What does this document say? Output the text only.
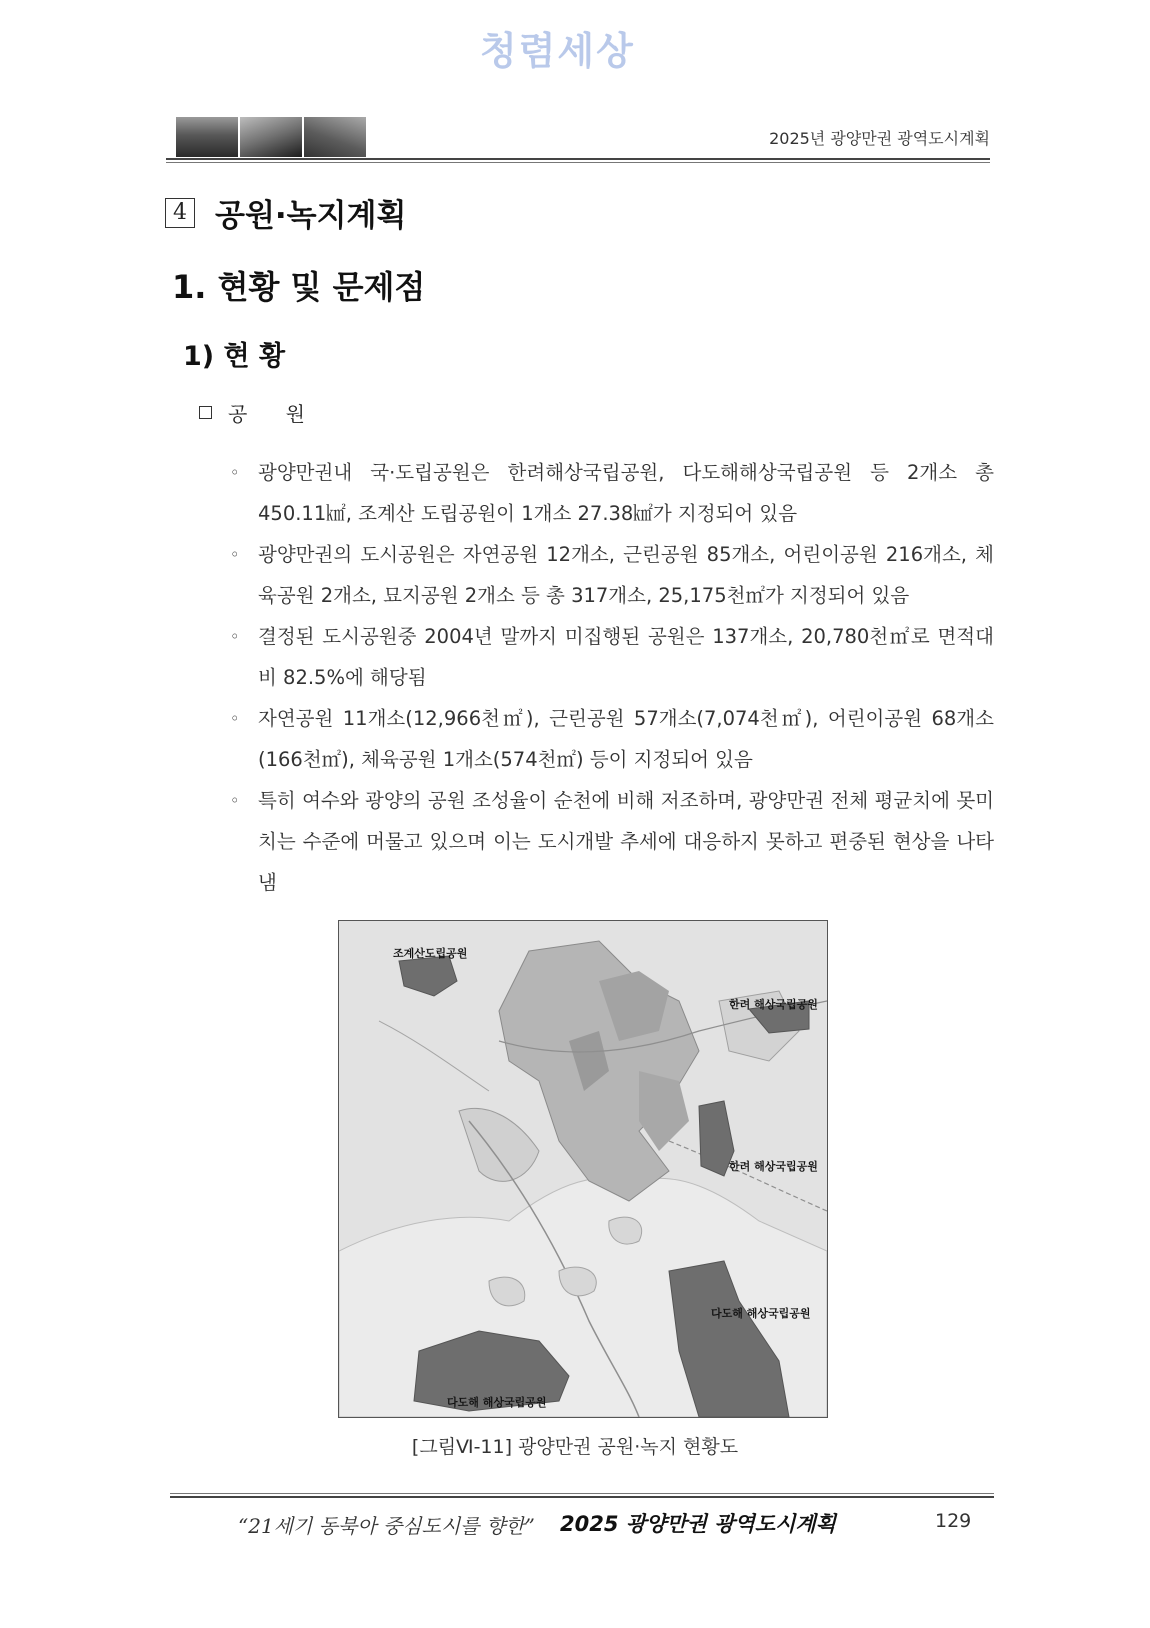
청렴세상
2025년 광양만권 광역도시계획
4 공원·녹지계획
1. 현황 및 문제점
1) 현 황
공 원
◦ 광양만권내 국·도립공원은 한려해상국립공원, 다도해해상국립공원 등 2개소 총 450.11㎢, 조계산 도립공원이 1개소 27.38㎢가 지정되어 있음
◦ 광양만권의 도시공원은 자연공원 12개소, 근린공원 85개소, 어린이공원 216개소, 체육공원 2개소, 묘지공원 2개소 등 총 317개소, 25,175천㎡가 지정되어 있음
◦ 결정된 도시공원중 2004년 말까지 미집행된 공원은 137개소, 20,780천㎡로 면적대비 82.5%에 해당됨
◦ 자연공원 11개소(12,966천㎡), 근린공원 57개소(7,074천㎡), 어린이공원 68개소(166천㎡), 체육공원 1개소(574천㎡) 등이 지정되어 있음
◦ 특히 여수와 광양의 공원 조성율이 순천에 비해 저조하며, 광양만권 전체 평균치에 못미치는 수준에 머물고 있으며 이는 도시개발 추세에 대응하지 못하고 편중된 현상을 나타냄
조계산도립공원
한려 해상국립공원
한려 해상국립공원
다도해 해상국립공원
다도해 해상국립공원
[그림Ⅵ-11] 광양만권 공원·녹지 현황도
“21세기 동북아 중심도시를 향한” 2025 광양만권 광역도시계획	129
